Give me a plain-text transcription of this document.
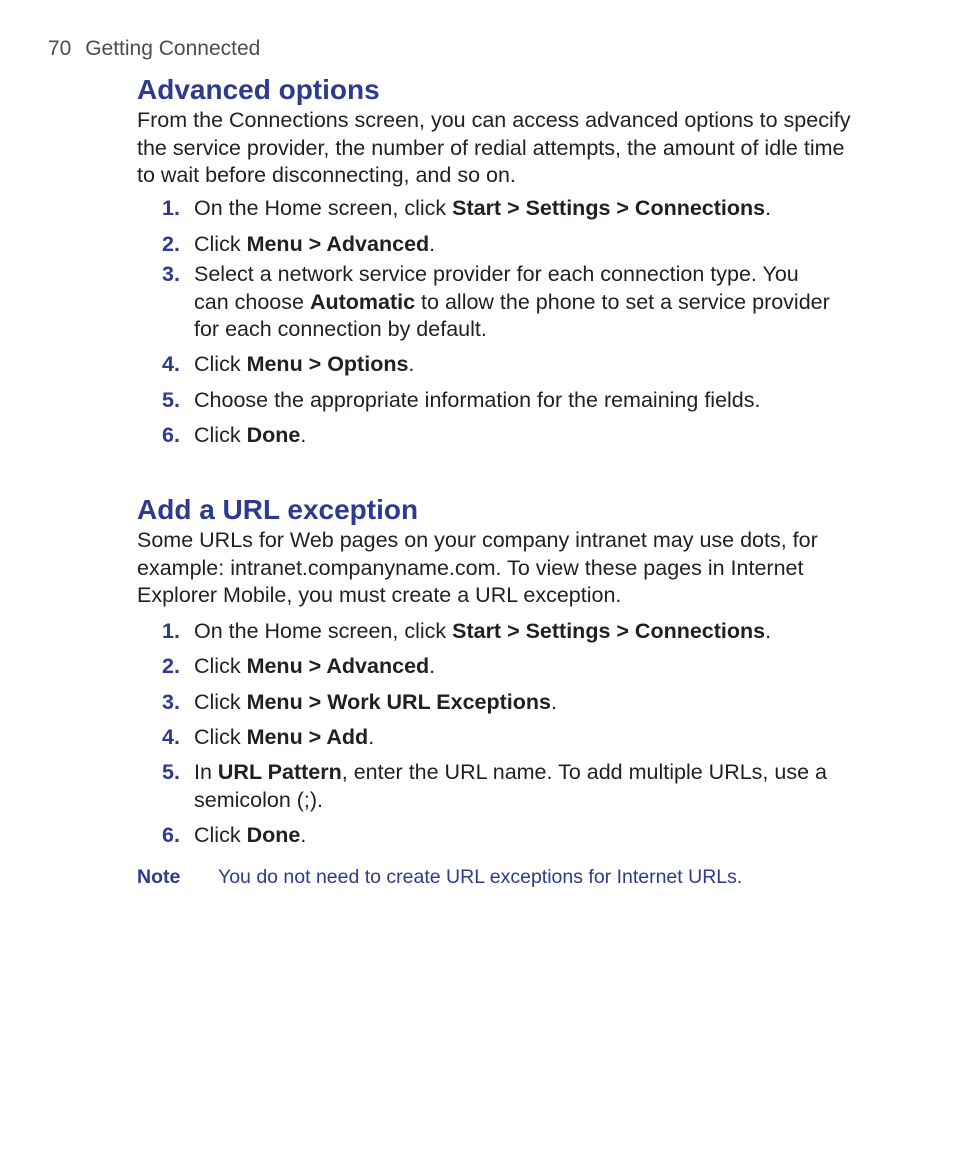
70 Getting Connected
Advanced options

From the Connections screen, you can access advanced options to specify the service provider, the number of redial attempts, the amount of idle time to wait before disconnecting, and so on.

1. On the Home screen, click Start > Settings > Connections.
2. Click Menu > Advanced.
3. Select a network service provider for each connection type. You can choose Automatic to allow the phone to set a service provider for each connection by default.
4. Click Menu > Options.
5. Choose the appropriate information for the remaining fields.
6. Click Done.
Add a URL exception

Some URLs for Web pages on your company intranet may use dots, for example: intranet.companyname.com. To view these pages in Internet Explorer Mobile, you must create a URL exception.

1. On the Home screen, click Start > Settings > Connections.
2. Click Menu > Advanced.
3. Click Menu > Work URL Exceptions.
4. Click Menu > Add.
5. In URL Pattern, enter the URL name. To add multiple URLs, use a semicolon (;).
6. Click Done.
Note You do not need to create URL exceptions for Internet URLs.
